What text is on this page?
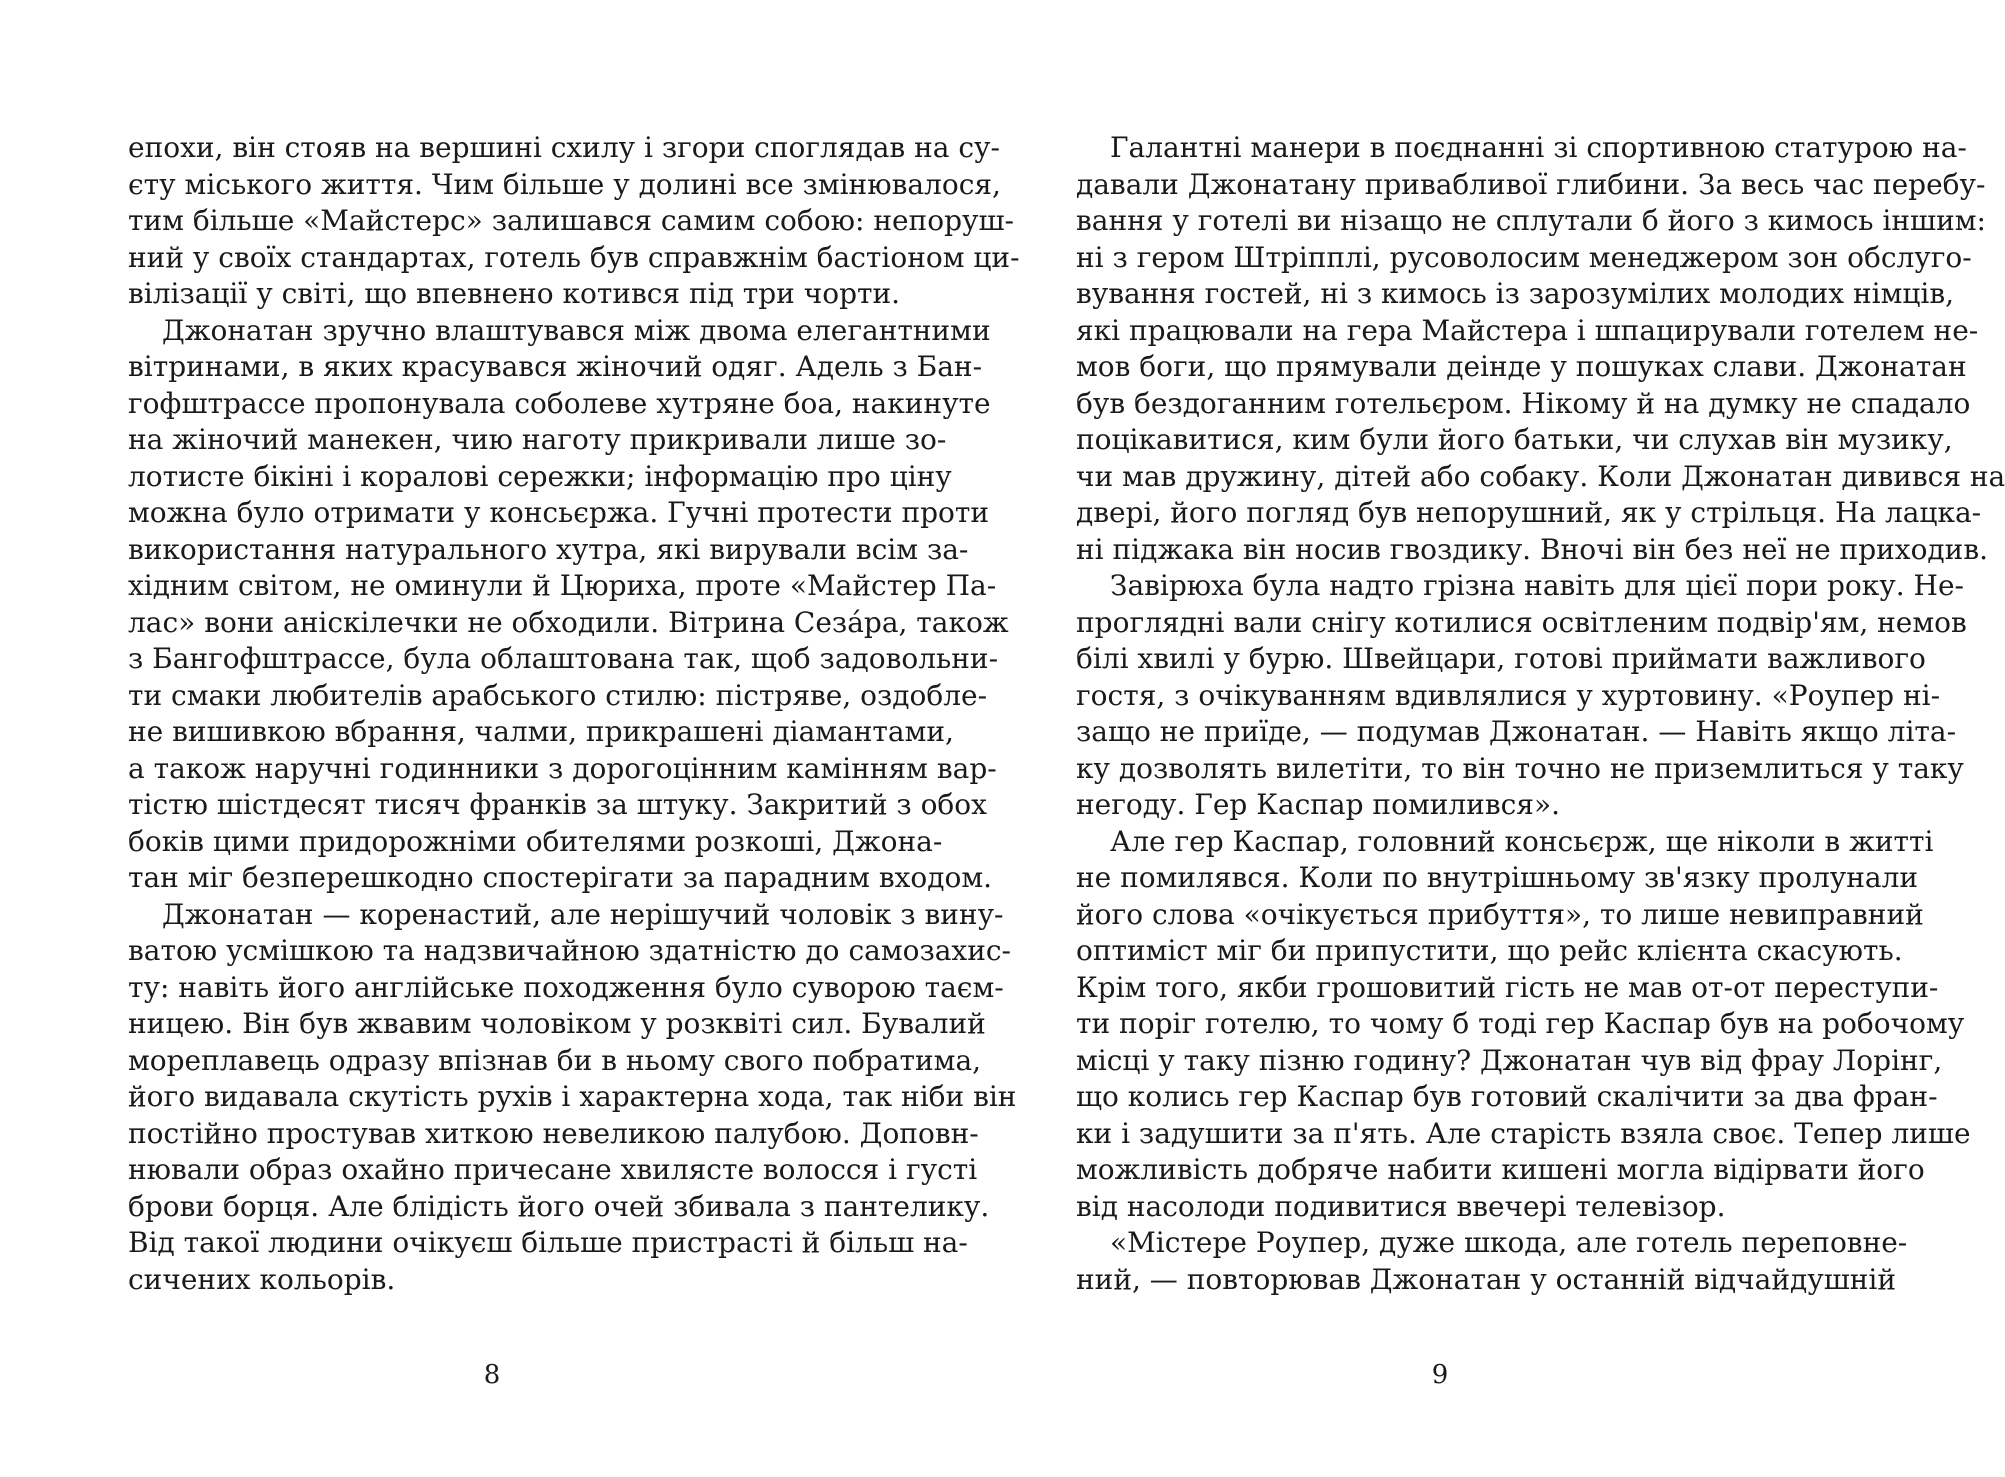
епохи, він стояв на вершині схилу і згори споглядав на су-
єту міського життя. Чим більше у долині все змінювалося,
тим більше «Майстерс» залишався самим собою: непоруш-
ний у своїх стандартах, готель був справжнім бастіоном ци-
вілізації у світі, що впевнено котився під три чорти.
Джонатан зручно влаштувався між двома елегантними
вітринами, в яких красувався жіночий одяг. Адель з Бан-
гофштрассе пропонувала соболеве хутряне боа, накинуте
на жіночий манекен, чию наготу прикривали лише зо-
лотисте бікіні і коралові сережки; інформацію про ціну
можна було отримати у консьєржа. Гучні протести проти
використання натурального хутра, які вирували всім за-
хідним світом, не оминули й Цюриха, проте «Майстер Па-
лас» вони аніскілечки не обходили. Вітрина Сезáра, також
з Бангофштрассе, була облаштована так, щоб задовольни-
ти смаки любителів арабського стилю: пістряве, оздобле-
не вишивкою вбрання, чалми, прикрашені діамантами,
а також наручні годинники з дорогоцінним камінням вар-
тістю шістдесят тисяч франків за штуку. Закритий з обох
боків цими придорожніми обителями розкоші, Джона-
тан міг безперешкодно спостерігати за парадним входом.
Джонатан — коренастий, але нерішучий чоловік з вину-
ватою усмішкою та надзвичайною здатністю до самозахис-
ту: навіть його англійське походження було суворою таєм-
ницею. Він був жвавим чоловіком у розквіті сил. Бувалий
мореплавець одразу впізнав би в ньому свого побратима,
його видавала скутість рухів і характерна хода, так ніби він
постійно простував хиткою невеликою палубою. Доповн-
нювали образ охайно причесане хвилясте волосся і густі
брови борця. Але блідість його очей збивала з пантелику.
Від такої людини очікуєш більше пристрасті й більш на-
сичених кольорів.
Галантні манери в поєднанні зі спортивною статурою на-
давали Джонатану привабливої глибини. За весь час перебу-
вання у готелі ви нізащо не сплутали б його з кимось іншим:
ні з гером Штріпплі, русоволосим менеджером зон обслуго-
вування гостей, ні з кимось із зарозумілих молодих німців,
які працювали на гера Майстера і шпацирували готелем не-
мов боги, що прямували деінде у пошуках слави. Джонатан
був бездоганним готельєром. Нікому й на думку не спадало
поцікавитися, ким були його батьки, чи слухав він музику,
чи мав дружину, дітей або собаку. Коли Джонатан дивився на
двері, його погляд був непорушний, як у стрільця. На лацка-
ні піджака він носив гвоздику. Вночі він без неї не приходив.
Завірюха була надто грізна навіть для цієї пори року. Не-
проглядні вали снігу котилися освітленим подвір'ям, немов
білі хвилі у бурю. Швейцари, готові приймати важливого
гостя, з очікуванням вдивлялися у хуртовину. «Роупер ні-
защо не приїде, — подумав Джонатан. — Навіть якщо літа-
ку дозволять вилетіти, то він точно не приземлиться у таку
негоду. Гер Каспар помилився».
Але гер Каспар, головний консьєрж, ще ніколи в житті
не помилявся. Коли по внутрішньому зв'язку пролунали
його слова «очікується прибуття», то лише невиправний
оптиміст міг би припустити, що рейс клієнта скасують.
Крім того, якби грошовитий гість не мав от-от переступи-
ти поріг готелю, то чому б тоді гер Каспар був на робочому
місці у таку пізню годину? Джонатан чув від фрау Лорінг,
що колись гер Каспар був готовий скалічити за два фран-
ки і задушити за п'ять. Але старість взяла своє. Тепер лише
можливість добряче набити кишені могла відірвати його
від насолоди подивитися ввечері телевізор.
«Містере Роупер, дуже шкода, але готель переповне-
ний, — повторював Джонатан у останній відчайдушній
8	9
